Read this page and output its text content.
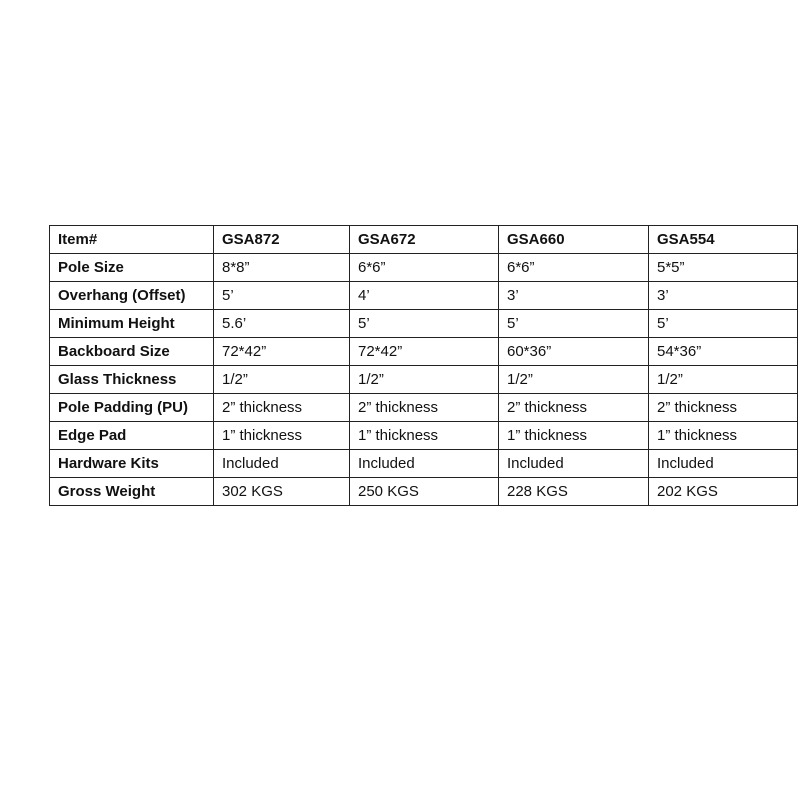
Item#	GSA872	GSA672	GSA660	GSA554
Pole Size	8*8”	6*6”	6*6”	5*5”
Overhang (Offset)	5’	4’	3’	3’
Minimum Height	5.6’	5’	5’	5’
Backboard Size	72*42”	72*42”	60*36”	54*36”
Glass Thickness	1/2”	1/2”	1/2”	1/2”
Pole Padding (PU)	2” thickness	2” thickness	2” thickness	2” thickness
Edge Pad	1” thickness	1” thickness	1” thickness	1” thickness
Hardware Kits	Included	Included	Included	Included
Gross Weight	302 KGS	250 KGS	228 KGS	202 KGS
